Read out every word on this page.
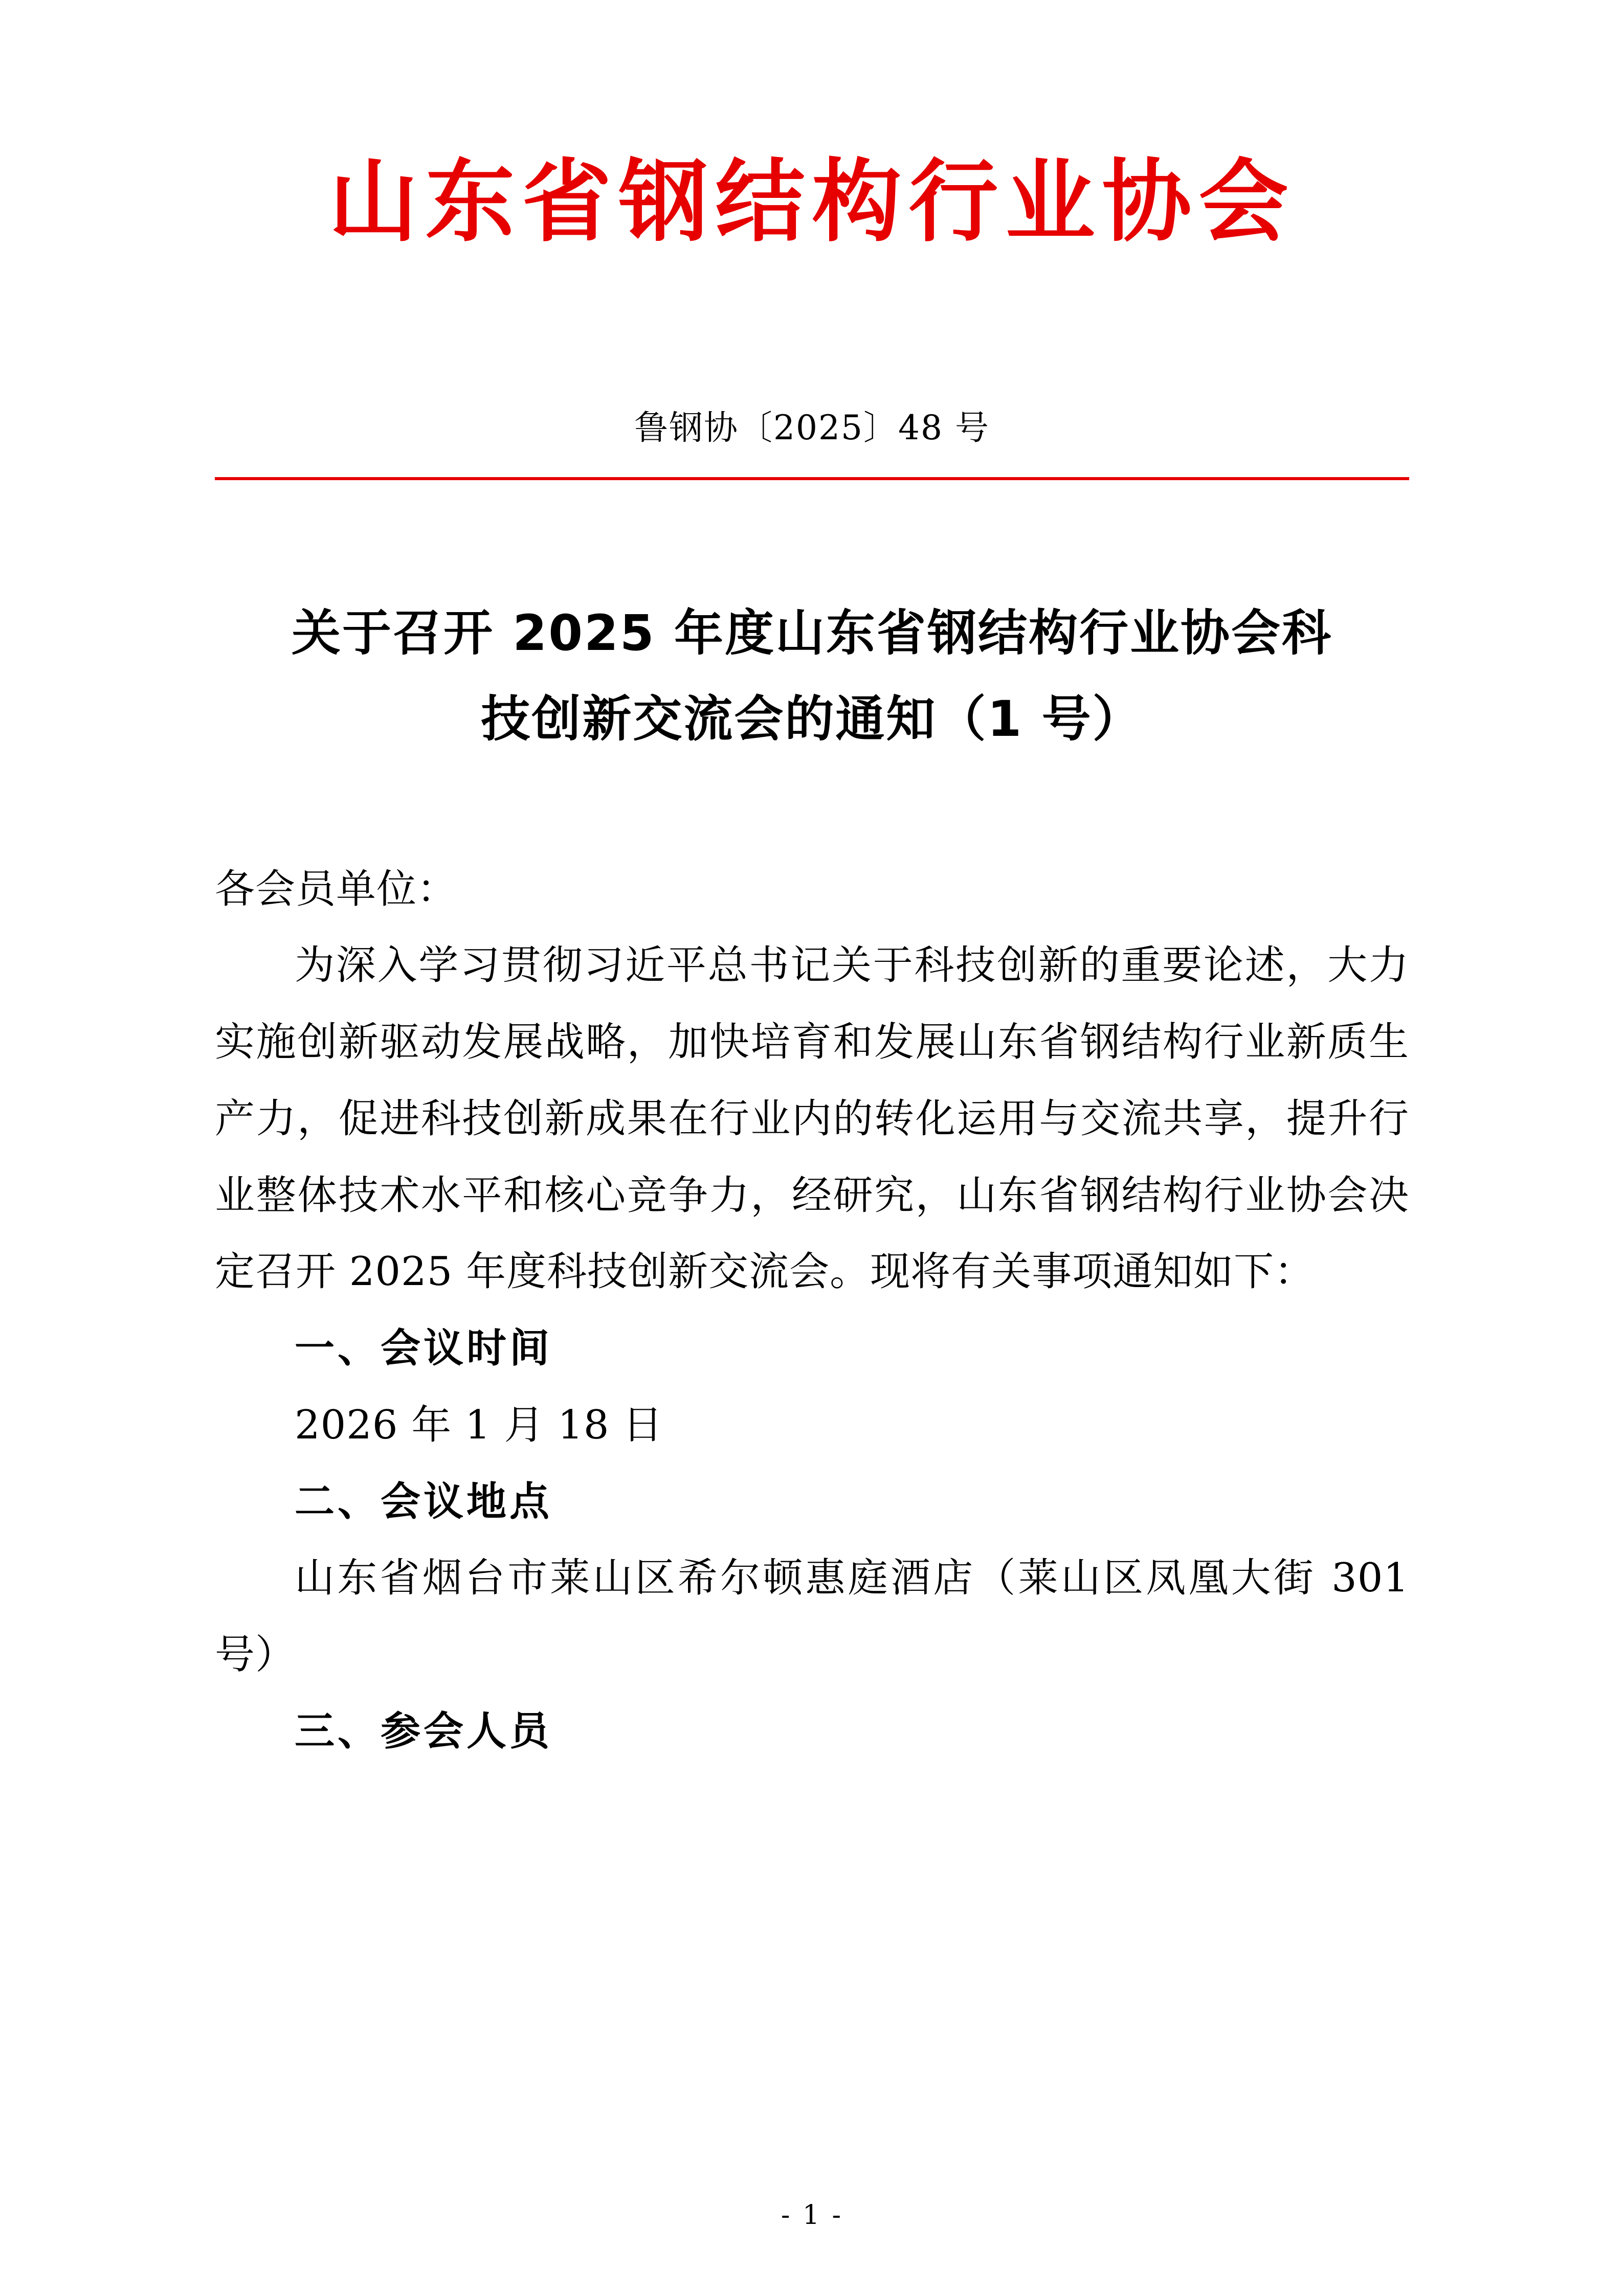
山东省钢结构行业协会
鲁钢协〔2025〕48 号
关于召开 2025 年度山东省钢结构行业协会科
技创新交流会的通知（1 号）

各会员单位：

为深入学习贯彻习近平总书记关于科技创新的重要论述，大力实施创新驱动发展战略，加快培育和发展山东省钢结构行业新质生产力，促进科技创新成果在行业内的转化运用与交流共享，提升行业整体技术水平和核心竞争力，经研究，山东省钢结构行业协会决定召开 2025 年度科技创新交流会。现将有关事项通知如下：

一、会议时间

2026 年 1 月 18 日

二、会议地点

山东省烟台市莱山区希尔顿惠庭酒店（莱山区凤凰大街 301 号）

三、参会人员

- 1 -
